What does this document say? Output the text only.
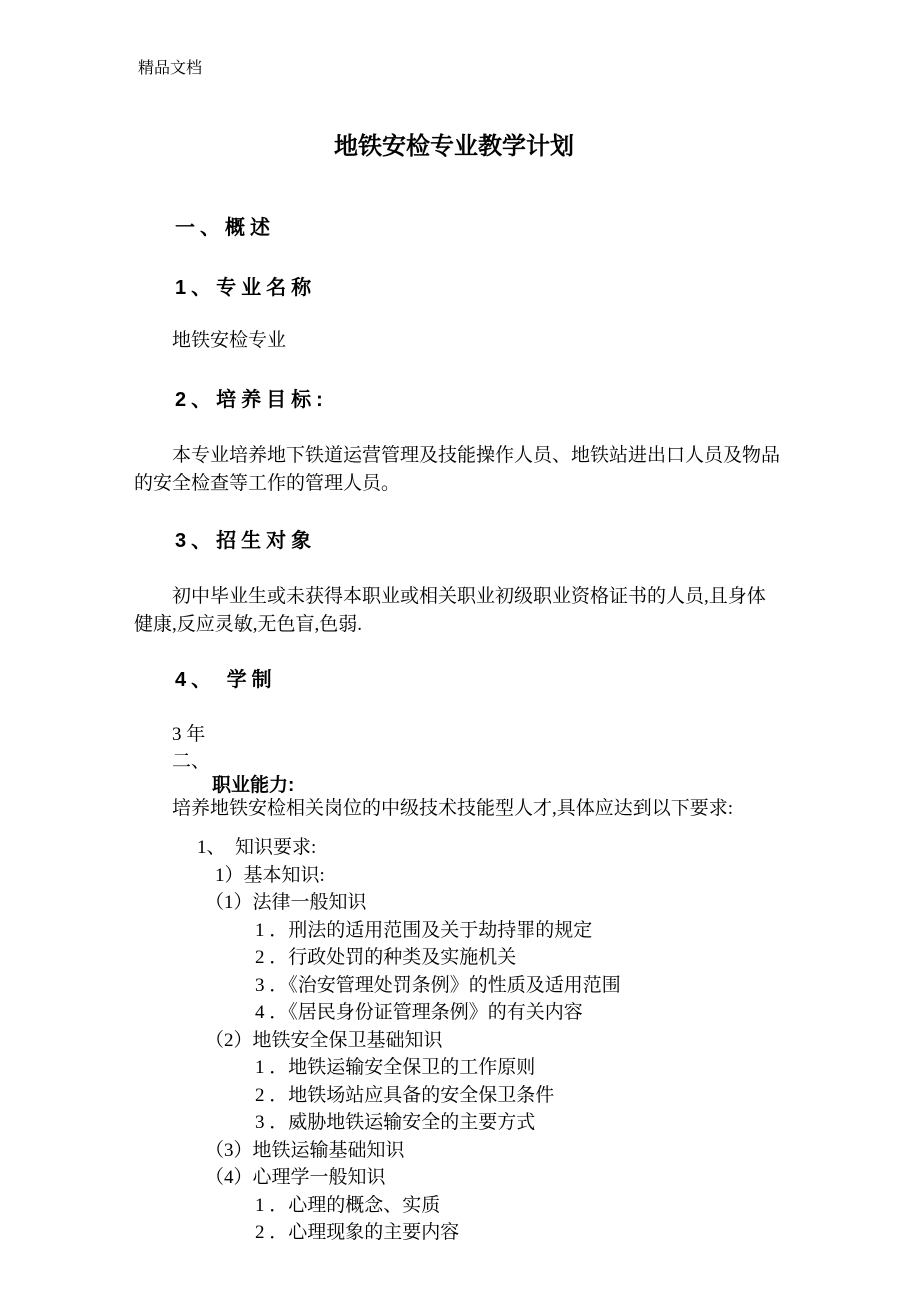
精品文档
地铁安检专业教学计划
一、概述
1、专业名称
地铁安检专业
2、培养目标:
本专业培养地下铁道运营管理及技能操作人员、地铁站进出口人员及物品的安全检查等工作的管理人员。
3、招生对象
初中毕业生或未获得本职业或相关职业初级职业资格证书的人员,且身体健康,反应灵敏,无色盲,色弱.
4、 学制
3 年
二、
职业能力:
培养地铁安检相关岗位的中级技术技能型人才,具体应达到以下要求:
1、  知识要求:
1）基本知识:
（1）法律一般知识
1 ．刑法的适用范围及关于劫持罪的规定
2 ．行政处罚的种类及实施机关
3 ．《治安管理处罚条例》的性质及适用范围
4 ．《居民身份证管理条例》的有关内容
（2）地铁安全保卫基础知识
1 ．地铁运输安全保卫的工作原则
2 ．地铁场站应具备的安全保卫条件
3 ．威胁地铁运输安全的主要方式
（3）地铁运输基础知识
（4）心理学一般知识
1 ．心理的概念、实质
2 ．心理现象的主要内容
